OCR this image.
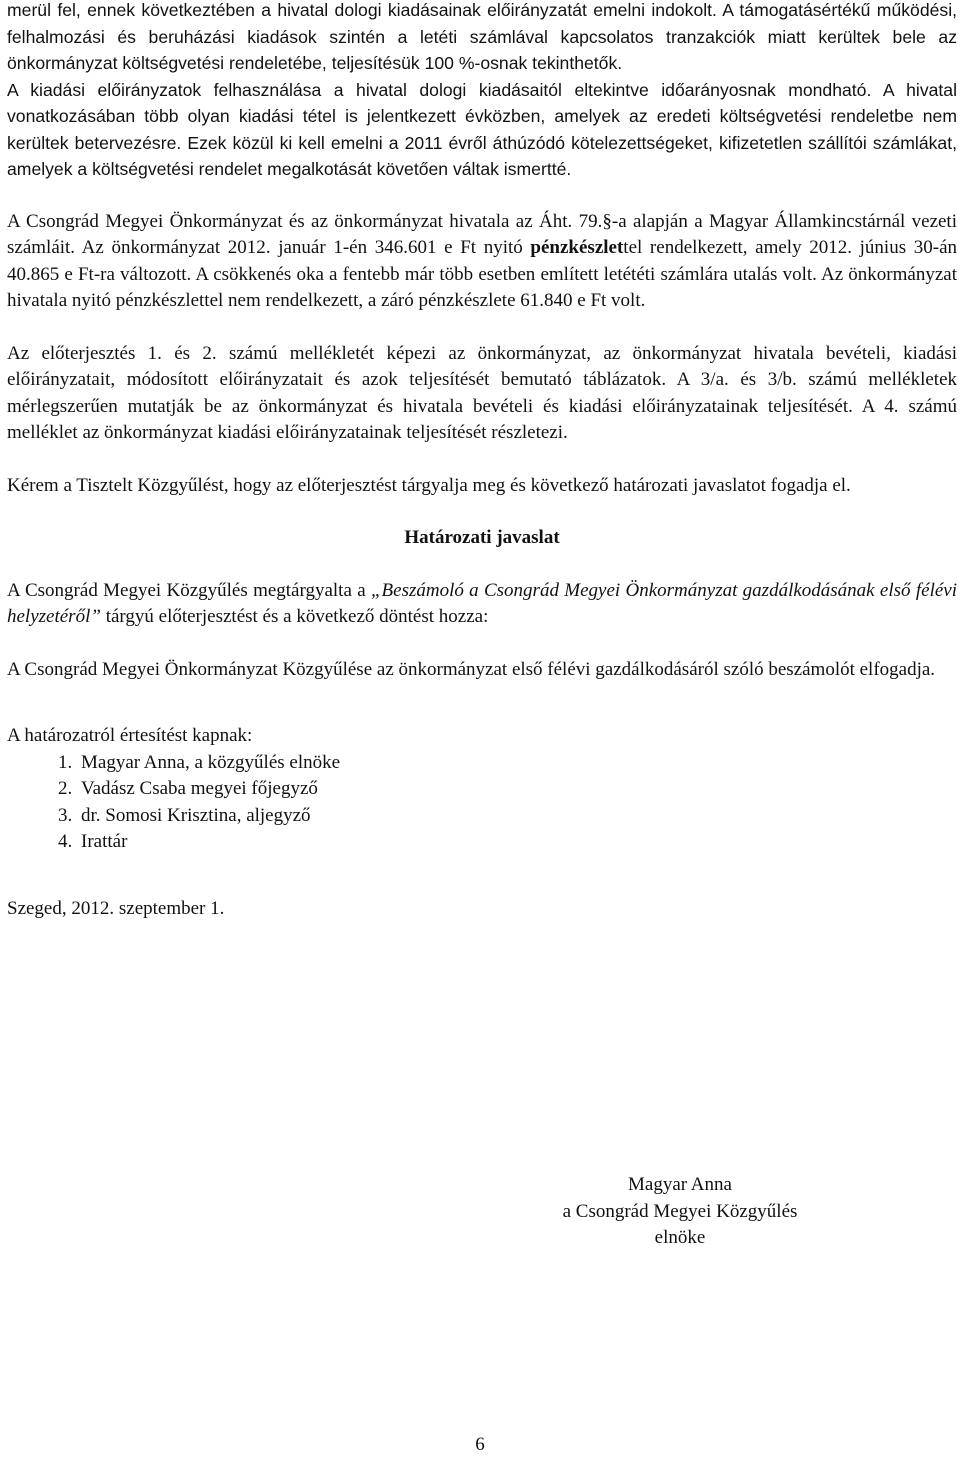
merül fel, ennek következtében a hivatal dologi kiadásainak előirányzatát emelni indokolt. A támogatásértékű működési, felhalmozási és beruházási kiadások szintén a letéti számlával kapcsolatos tranzakciók miatt kerültek bele az önkormányzat költségvetési rendeletébe, teljesítésük 100 %-osnak tekinthetők.

A kiadási előirányzatok felhasználása a hivatal dologi kiadásaitól eltekintve időarányosnak mondható. A hivatal vonatkozásában több olyan kiadási tétel is jelentkezett évközben, amelyek az eredeti költségvetési rendeletbe nem kerültek betervezésre. Ezek közül ki kell emelni a 2011 évről áthúzódó kötelezettségeket, kifizetetlen szállítói számlákat, amelyek a költségvetési rendelet megalkotását követően váltak ismertté.

A Csongrád Megyei Önkormányzat és az önkormányzat hivatala az Áht. 79.§-a alapján a Magyar Államkincstárnál vezeti számláit. Az önkormányzat 2012. január 1-én 346.601 e Ft nyitó pénzkészlettel rendelkezett, amely 2012. június 30-án 40.865 e Ft-ra változott. A csökkenés oka a fentebb már több esetben említett letététi számlára utalás volt. Az önkormányzat hivatala nyitó pénzkészlettel nem rendelkezett, a záró pénzkészlete 61.840 e Ft volt.

Az előterjesztés 1. és 2. számú mellékletét képezi az önkormányzat, az önkormányzat hivatala bevételi, kiadási előirányzatait, módosított előirányzatait és azok teljesítését bemutató táblázatok. A 3/a. és 3/b. számú mellékletek mérlegszerűen mutatják be az önkormányzat és hivatala bevételi és kiadási előirányzatainak teljesítését. A 4. számú melléklet az önkormányzat kiadási előirányzatainak teljesítését részletezi.

Kérem a Tisztelt Közgyűlést, hogy az előterjesztést tárgyalja meg és következő határozati javaslatot fogadja el.

Határozati javaslat

A Csongrád Megyei Közgyűlés megtárgyalta a „Beszámoló a Csongrád Megyei Önkormányzat gazdálkodásának első félévi helyzetéről” tárgyú előterjesztést és a következő döntést hozza:

A Csongrád Megyei Önkormányzat Közgyűlése az önkormányzat első félévi gazdálkodásáról szóló beszámolót elfogadja.

A határozatról értesítést kapnak:

1. Magyar Anna, a közgyűlés elnöke
2. Vadász Csaba megyei főjegyző
3. dr. Somosi Krisztina, aljegyző
4. Irattár

Szeged, 2012. szeptember 1.

Magyar Anna
a Csongrád Megyei Közgyűlés
elnöke
6
